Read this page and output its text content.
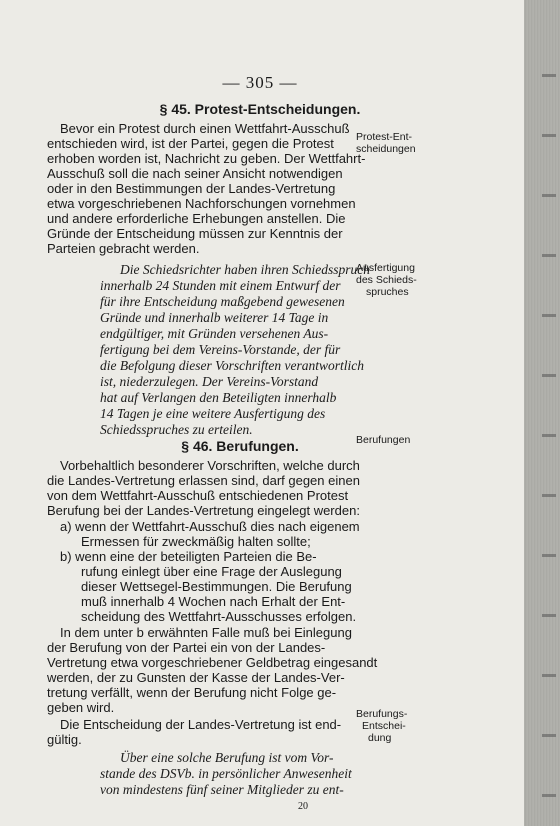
— 305 —
§ 45. Protest-Entscheidungen.
Bevor ein Protest durch einen Wettfahrt-Ausschuß
entschieden wird, ist der Partei, gegen die Protest
erhoben worden ist, Nachricht zu geben. Der Wettfahrt-
Ausschuß soll die nach seiner Ansicht notwendigen
oder in den Bestimmungen der Landes-Vertretung
etwa vorgeschriebenen Nachforschungen vornehmen
und andere erforderliche Erhebungen anstellen. Die
Gründe der Entscheidung müssen zur Kenntnis der
Parteien gebracht werden.
Protest-Ent-
scheidungen
Die Schiedsrichter haben ihren Schiedsspruch
innerhalb 24 Stunden mit einem Entwurf der
für ihre Entscheidung maßgebend gewesenen
Gründe und innerhalb weiterer 14 Tage in
endgültiger, mit Gründen versehenen Aus-
fertigung bei dem Vereins-Vorstande, der für
die Befolgung dieser Vorschriften verantwortlich
ist, niederzulegen. Der Vereins-Vorstand
hat auf Verlangen den Beteiligten innerhalb
14 Tagen je eine weitere Ausfertigung des
Schiedsspruches zu erteilen.
Ausfertigung
des Schieds-
spruches
§ 46. Berufungen.
Vorbehaltlich besonderer Vorschriften, welche durch
die Landes-Vertretung erlassen sind, darf gegen einen
von dem Wettfahrt-Ausschuß entschiedenen Protest
Berufung bei der Landes-Vertretung eingelegt werden:
Berufungen
a) wenn der Wettfahrt-Ausschuß dies nach eigenem
Ermessen für zweckmäßig halten sollte;
b) wenn eine der beteiligten Parteien die Be-
rufung einlegt über eine Frage der Auslegung
dieser Wettsegel-Bestimmungen. Die Berufung
muß innerhalb 4 Wochen nach Erhalt der Ent-
scheidung des Wettfahrt-Ausschusses erfolgen.
In dem unter b erwähnten Falle muß bei Einlegung
der Berufung von der Partei ein von der Landes-
Vertretung etwa vorgeschriebener Geldbetrag eingesandt
werden, der zu Gunsten der Kasse der Landes-Ver-
tretung verfällt, wenn der Berufung nicht Folge ge-
geben wird.
Die Entscheidung der Landes-Vertretung ist end-
gültig.
Berufungs-
Entschei-
dung
Über eine solche Berufung ist vom Vor-
stande des DSVb. in persönlicher Anwesenheit
von mindestens fünf seiner Mitglieder zu ent-
20
